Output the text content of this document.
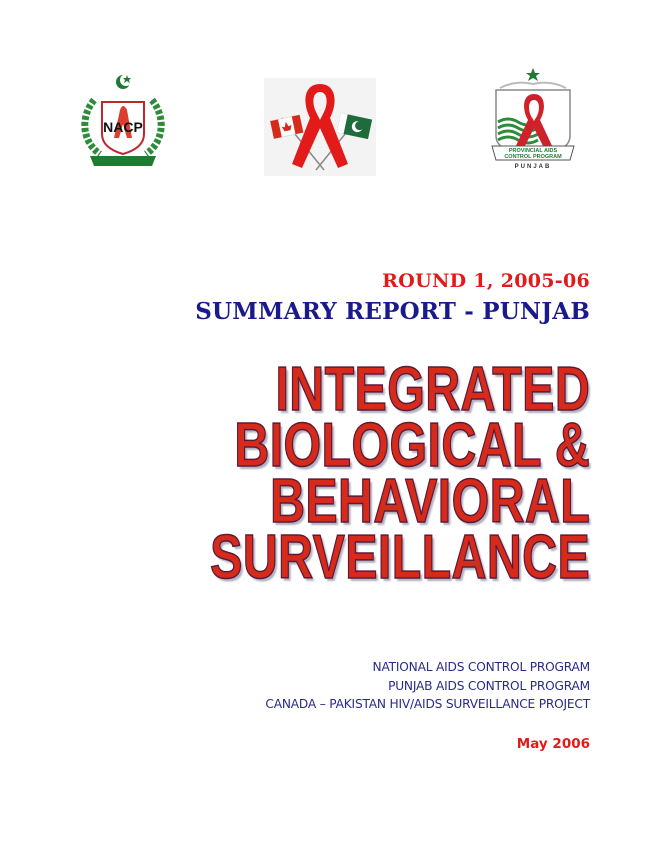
NACP
PROVINCIAL AIDS
CONTROL PROGRAM
PUNJAB
ROUND 1, 2005-06
SUMMARY REPORT - PUNJAB
INTEGRATED
BIOLOGICAL &
BEHAVIORAL
SURVEILLANCE
NATIONAL AIDS CONTROL PROGRAM
PUNJAB AIDS CONTROL PROGRAM
CANADA – PAKISTAN HIV/AIDS SURVEILLANCE PROJECT
May 2006
